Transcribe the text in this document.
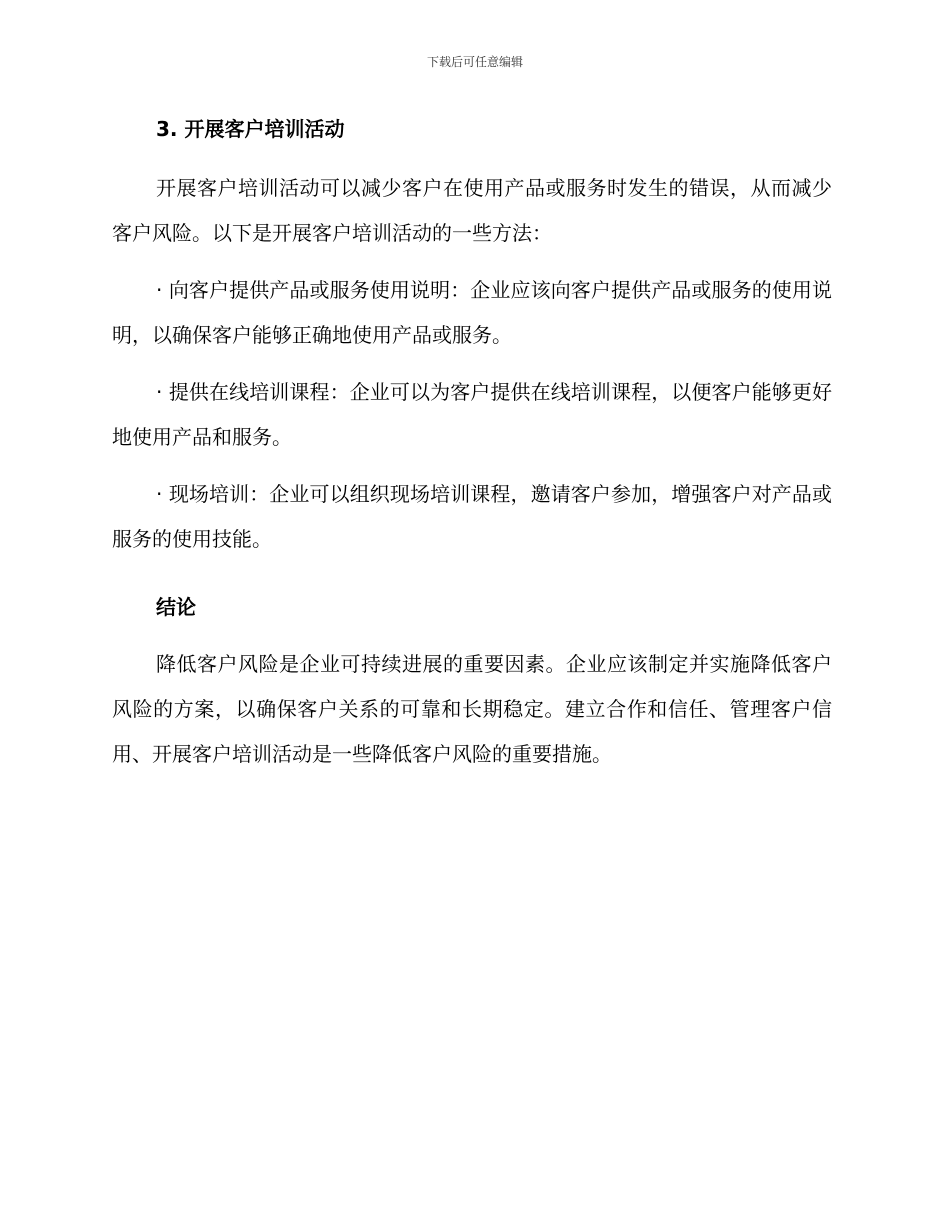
下载后可任意编辑
3. 开展客户培训活动

开展客户培训活动可以减少客户在使用产品或服务时发生的错误，从而减少客户风险。以下是开展客户培训活动的一些方法：

· 向客户提供产品或服务使用说明：企业应该向客户提供产品或服务的使用说明，以确保客户能够正确地使用产品或服务。

· 提供在线培训课程：企业可以为客户提供在线培训课程，以便客户能够更好地使用产品和服务。

· 现场培训：企业可以组织现场培训课程，邀请客户参加，增强客户对产品或服务的使用技能。

结论

降低客户风险是企业可持续进展的重要因素。企业应该制定并实施降低客户风险的方案，以确保客户关系的可靠和长期稳定。建立合作和信任、管理客户信用、开展客户培训活动是一些降低客户风险的重要措施。
